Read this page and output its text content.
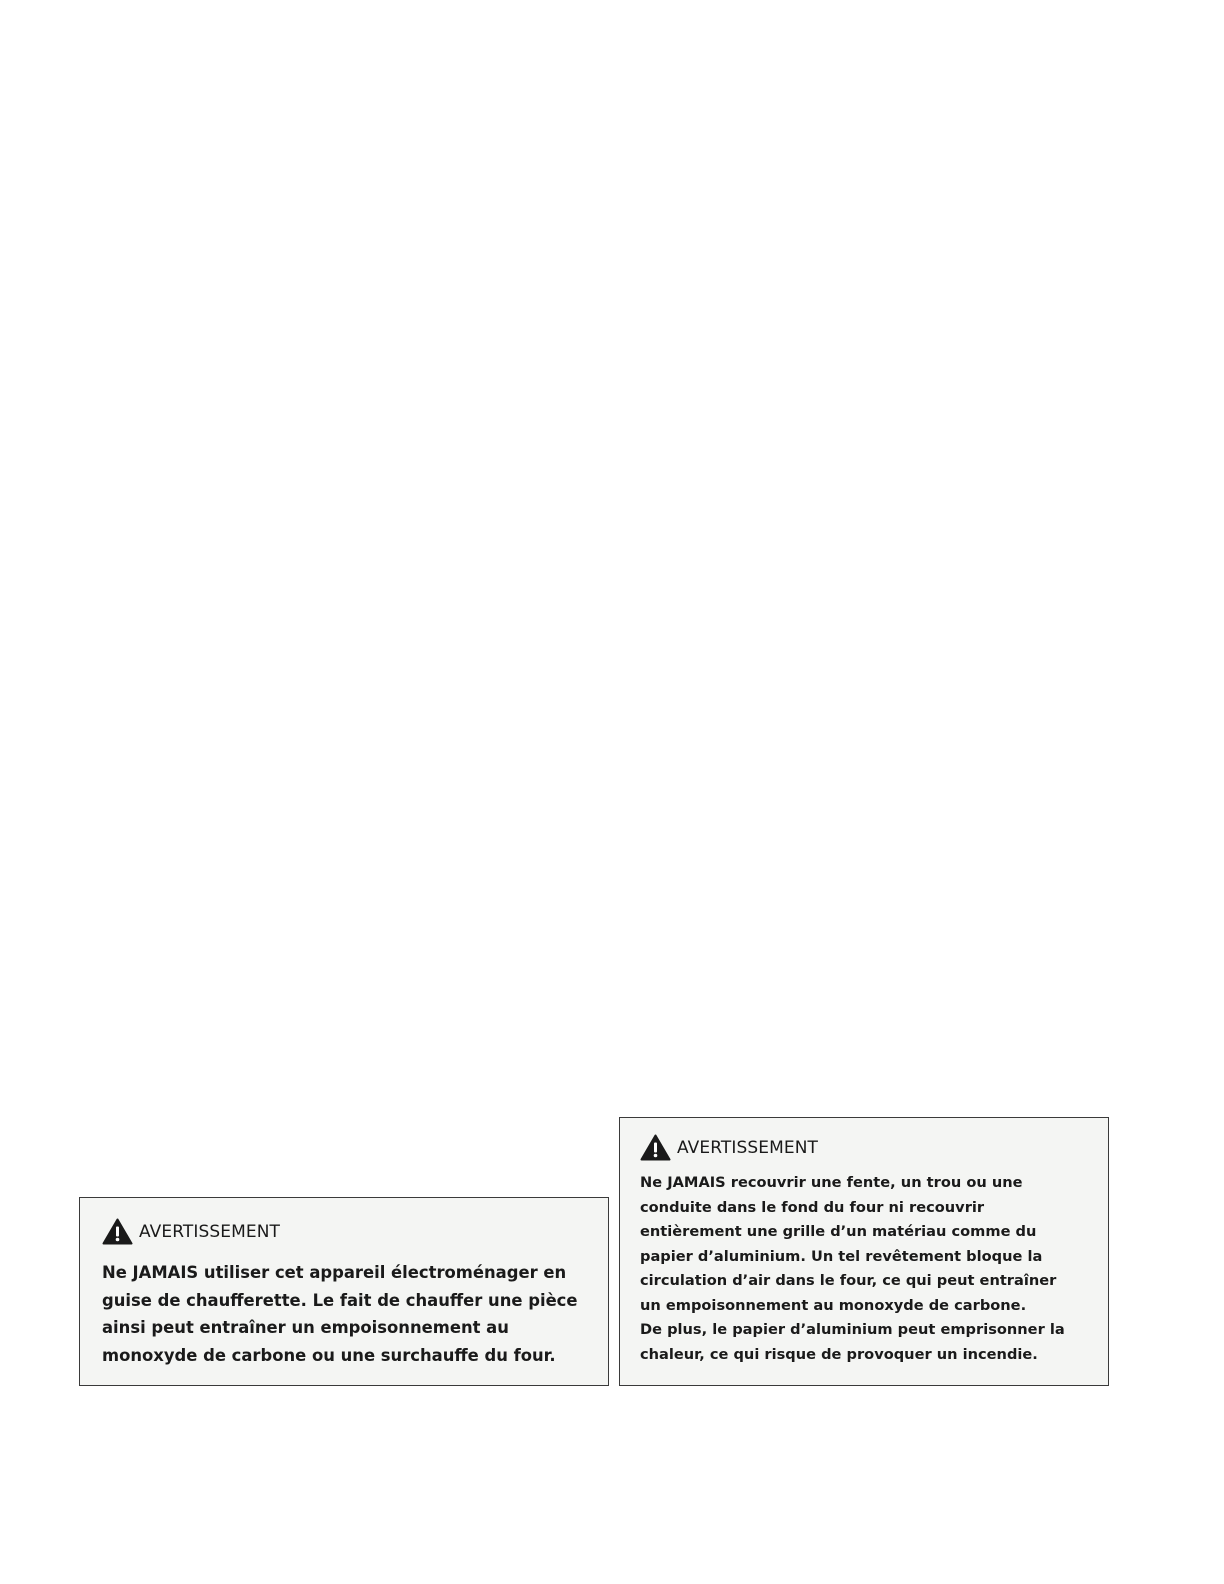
AVERTISSEMENT
Ne JAMAIS utiliser cet appareil électroménager en
guise de chaufferette. Le fait de chauffer une pièce
ainsi peut entraîner un empoisonnement au
monoxyde de carbone ou une surchauffe du four.
AVERTISSEMENT
Ne JAMAIS recouvrir une fente, un trou ou une
conduite dans le fond du four ni recouvrir
entièrement une grille d’un matériau comme du
papier d’aluminium. Un tel revêtement bloque la
circulation d’air dans le four, ce qui peut entraîner
un empoisonnement au monoxyde de carbone.
De plus, le papier d’aluminium peut emprisonner la
chaleur, ce qui risque de provoquer un incendie.
